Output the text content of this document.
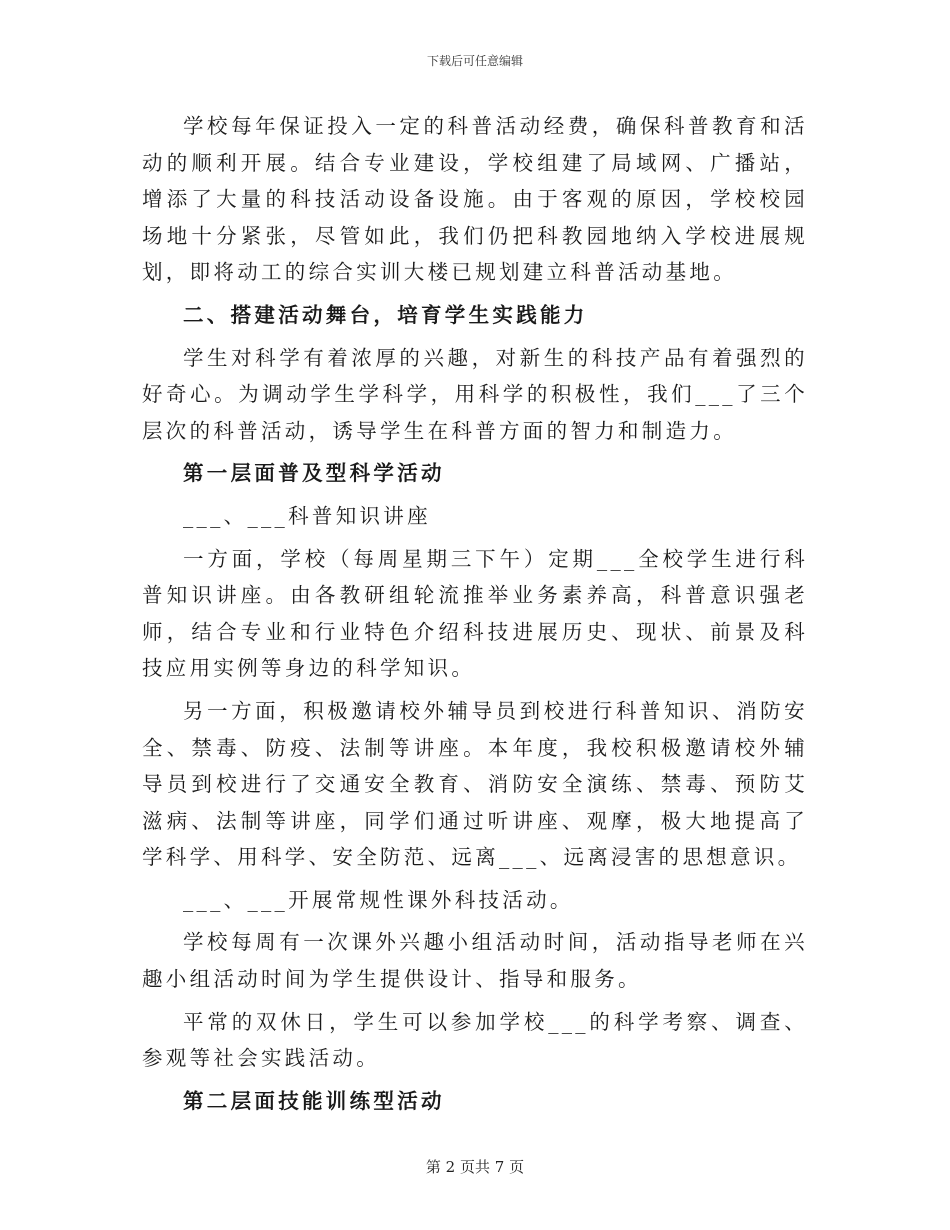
下载后可任意编辑

学校每年保证投入一定的科普活动经费，确保科普教育和活动的顺利开展。结合专业建设，学校组建了局域网、广播站，增添了大量的科技活动设备设施。由于客观的原因，学校校园场地十分紧张，尽管如此，我们仍把科教园地纳入学校进展规划，即将动工的综合实训大楼已规划建立科普活动基地。

二、搭建活动舞台，培育学生实践能力

学生对科学有着浓厚的兴趣，对新生的科技产品有着强烈的好奇心。为调动学生学科学，用科学的积极性，我们___了三个层次的科普活动，诱导学生在科普方面的智力和制造力。

第一层面普及型科学活动

___、___科普知识讲座

一方面，学校（每周星期三下午）定期___全校学生进行科普知识讲座。由各教研组轮流推举业务素养高，科普意识强老师，结合专业和行业特色介绍科技进展历史、现状、前景及科技应用实例等身边的科学知识。

另一方面，积极邀请校外辅导员到校进行科普知识、消防安全、禁毒、防疫、法制等讲座。本年度，我校积极邀请校外辅导员到校进行了交通安全教育、消防安全演练、禁毒、预防艾滋病、法制等讲座，同学们通过听讲座、观摩，极大地提高了学科学、用科学、安全防范、远离___、远离浸害的思想意识。

___、___开展常规性课外科技活动。

学校每周有一次课外兴趣小组活动时间，活动指导老师在兴趣小组活动时间为学生提供设计、指导和服务。

平常的双休日，学生可以参加学校___的科学考察、调查、参观等社会实践活动。

第二层面技能训练型活动

第 2 页共 7 页
